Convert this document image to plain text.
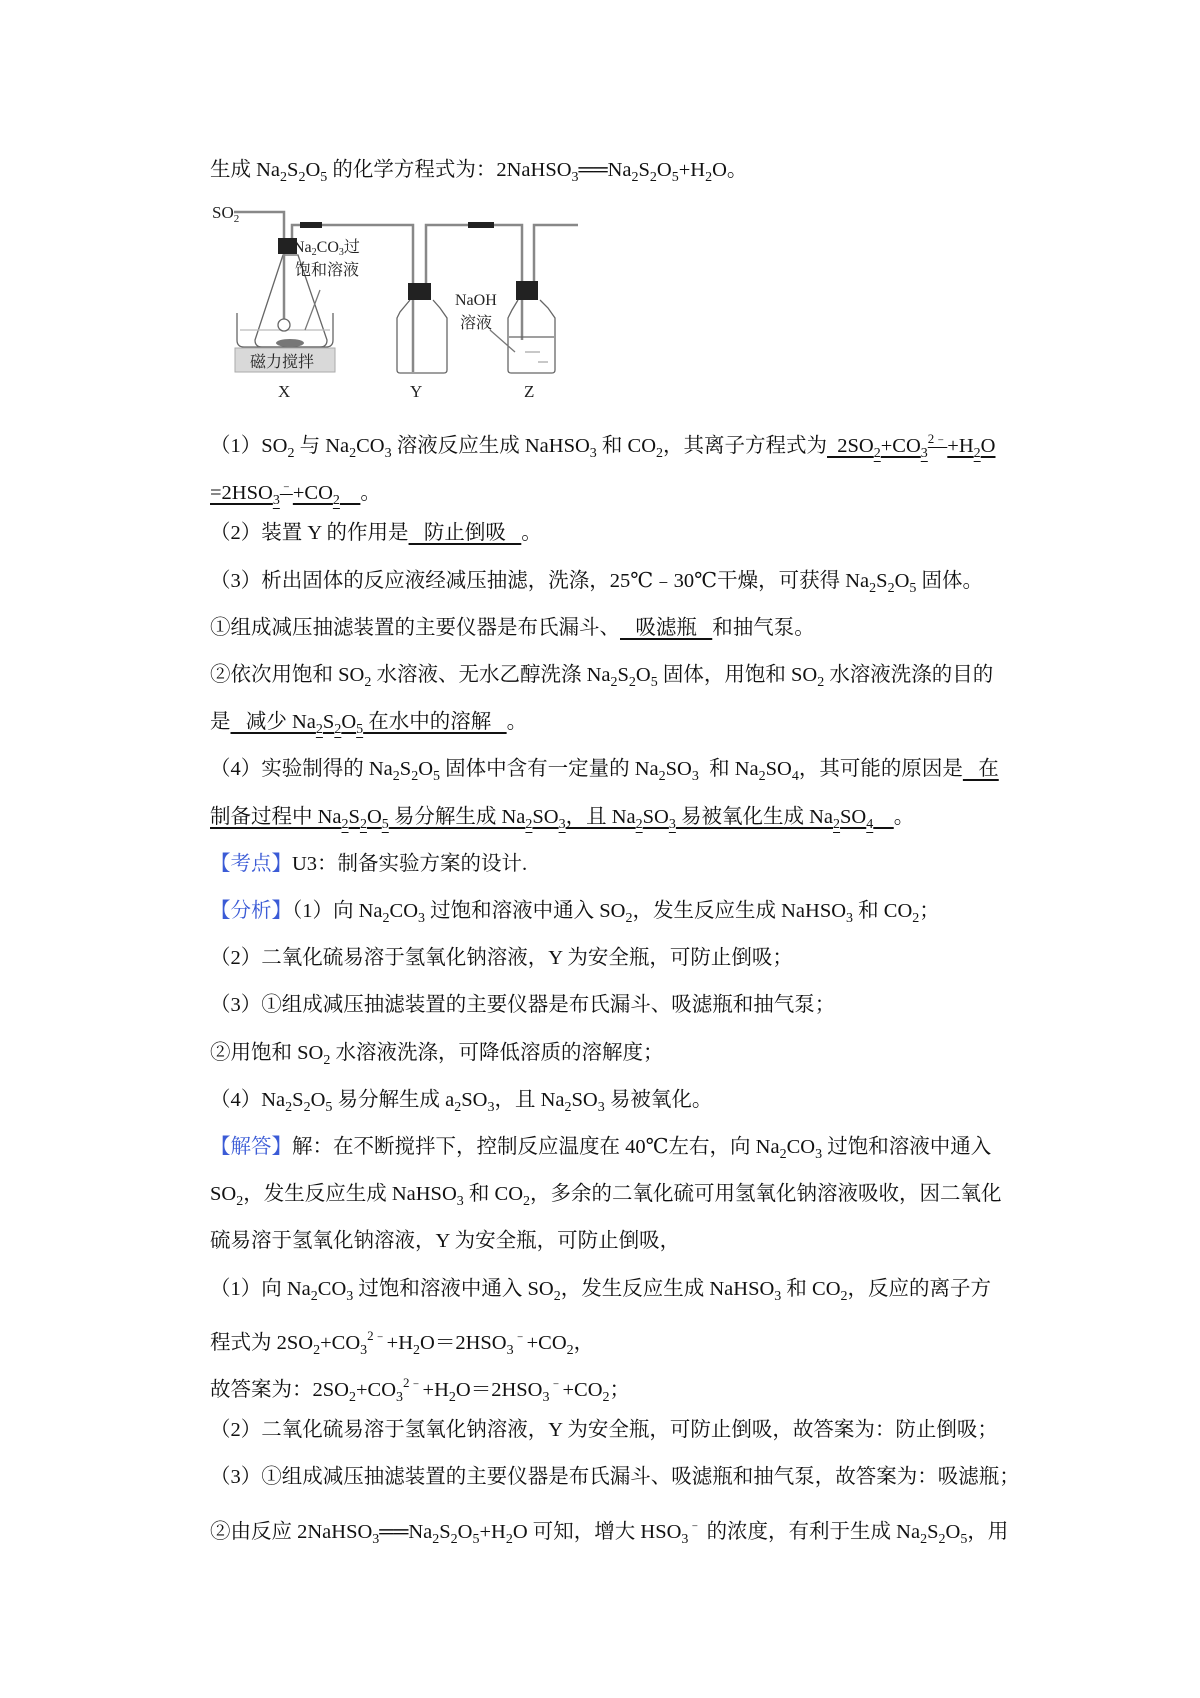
生成 $Na_2S_2O_5$ 的化学方程式为：$2NaHSO_3══Na_2S_2O_5+H_2O$。
$SO_2$
Na2CO3过
饱和溶液
NaOH
溶液
磁力搅拌
X	Y	Z
$(1)SO_2$ 与 $Na_2CO_3$ 溶液反应生成 NaHSO$_3$ 和 $CO_2$，其离子方程式为  $2SO_2+CO_3^{2﹣}+H_2O$
$=2HSO_3^﹣+CO_2$ 。
（2）装置 Y 的作用是   防止倒吸   。
（3）析出固体的反应液经减压抽滤，洗涤，25℃﹣30℃干燥，可获得 $Na_2S_2O_5$ 固体。
①组成减压抽滤装置的主要仪器是布氏漏斗、   吸滤瓶   和抽气泵。
②依次用饱和 $SO_2$ 水溶液、无水乙醇洗涤 $Na_2S_2O_5$ 固体，用饱和 $SO_2$ 水溶液洗涤的目的
是   减少 $Na_2S_2O_5$ 在水中的溶解   。
（4）实验制得的 $Na_2S_2O_5$ 固体中含有一定量的 $Na_2SO_3$  和 $Na_2SO_4$，其可能的原因是   在
制备过程中 $Na_2S_2O_5$ 易分解生成 $Na_2SO_3$，且 $Na_2SO_3$ 易被氧化生成 $Na_2SO_4$ 。
【考点】U3：制备实验方案的设计.
【分析】（1）向 $Na_2CO_3$ 过饱和溶液中通入 $SO_2$，发生反应生成 NaHSO$_3$ 和 $CO_2$；
（2）二氧化硫易溶于氢氧化钠溶液，Y 为安全瓶，可防止倒吸；
（3）①组成减压抽滤装置的主要仪器是布氏漏斗、吸滤瓶和抽气泵；
②用饱和 $SO_2$ 水溶液洗涤，可降低溶质的溶解度；
$(4)Na_2S_2O_5$ 易分解生成 $a_2SO_3$，且 $Na_2SO_3$ 易被氧化。
【解答】解：在不断搅拌下，控制反应温度在 40℃左右，向 $Na_2CO_3$ 过饱和溶液中通入
$SO_2$，发生反应生成 NaHSO$_3$ 和 $CO_2$，多余的二氧化硫可用氢氧化钠溶液吸收，因二氧化
硫易溶于氢氧化钠溶液，Y 为安全瓶，可防止倒吸，
（1）向 $Na_2CO_3$ 过饱和溶液中通入 $SO_2$，发生反应生成 NaHSO$_3$ 和 $CO_2$，反应的离子方
程式为 $2SO_2+CO_3^{2﹣}+H_2O=2HSO_3^﹣+CO_2$，
故答案为：$2SO_2+CO_3^{2﹣}+H_2O=2HSO_3^﹣+CO_2$；
（2）二氧化硫易溶于氢氧化钠溶液，Y 为安全瓶，可防止倒吸，故答案为：防止倒吸；
（3）①组成减压抽滤装置的主要仪器是布氏漏斗、吸滤瓶和抽气泵，故答案为：吸滤瓶；
②由反应 $2NaHSO_3══Na_2S_2O_5+H_2O$ 可知，增大 $HSO_3^﹣$ 的浓度，有利于生成 $Na_2S_2O_5$，用
